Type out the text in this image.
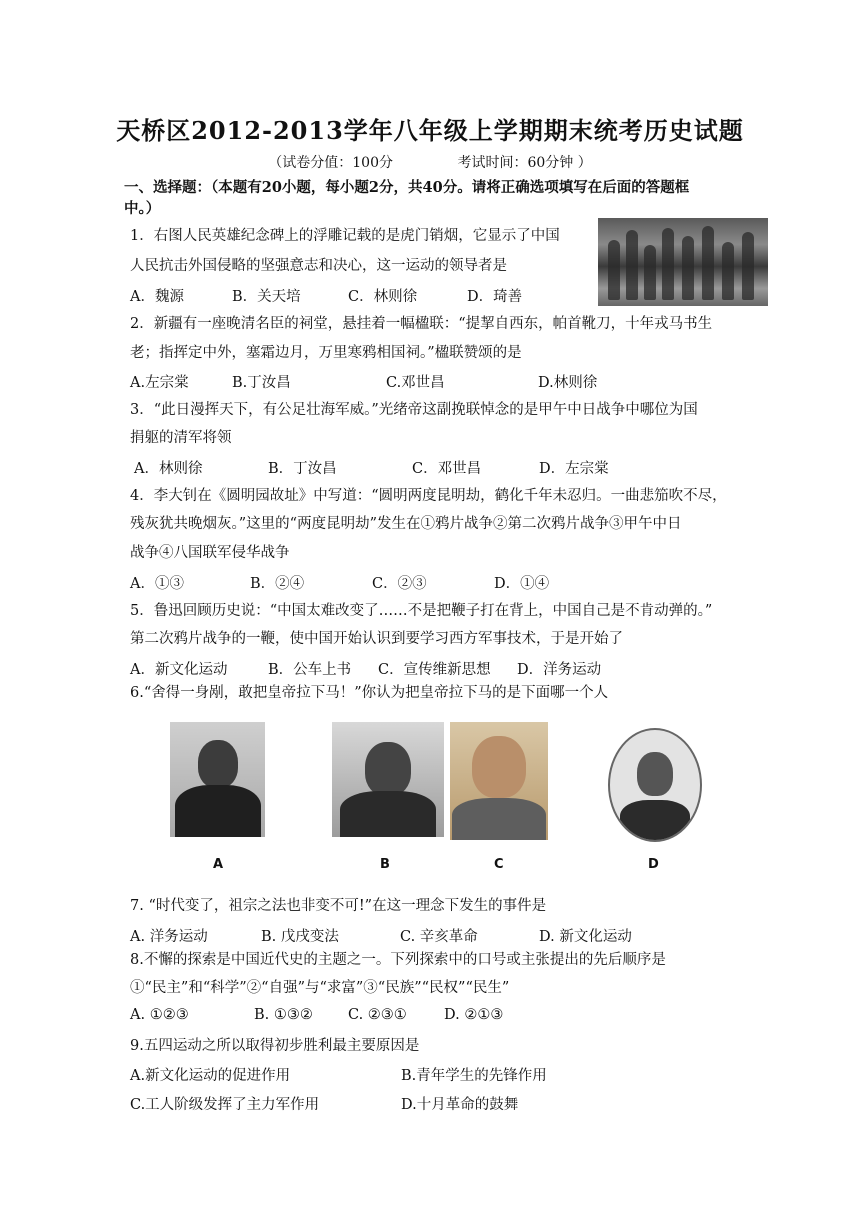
天桥区2012-2013学年八年级上学期期末统考历史试题
（试卷分值：100分	考试时间：60分钟 ）
一、选择题：（本题有20小题，每小题2分，共40分。请将正确选项填写在后面的答题框
中。）
1．右图人民英雄纪念碑上的浮雕记载的是虎门销烟，它显示了中国
人民抗击外国侵略的坚强意志和决心，这一运动的领导者是
A．魏源	B．关天培	C．林则徐	D．琦善
2．新疆有一座晚清名臣的祠堂，悬挂着一幅楹联：“提挈自西东，帕首靴刀，十年戎马书生
老；指挥定中外，塞霜边月，万里寒鸦相国祠。”楹联赞颂的是
A.左宗棠	B.丁汝昌	C.邓世昌	D.林则徐
3．“此日漫挥天下，有公足壮海军威。”光绪帝这副挽联悼念的是甲午中日战争中哪位为国
捐躯的清军将领
A．林则徐	B．丁汝昌	C．邓世昌	D．左宗棠
4．李大钊在《圆明园故址》中写道：“圆明两度昆明劫，鹤化千年未忍归。一曲悲笳吹不尽，
残灰犹共晚烟灰。”这里的“两度昆明劫”发生在①鸦片战争②第二次鸦片战争③甲午中日
战争④八国联军侵华战争
A．①③	B．②④	C．②③	D．①④
5．鲁迅回顾历史说：“中国太难改变了……不是把鞭子打在背上，中国自己是不肯动弹的。”
第二次鸦片战争的一鞭，使中国开始认识到要学习西方军事技术，于是开始了
A．新文化运动	B．公车上书 C．宣传维新思想 D．洋务运动
6.“舍得一身剐，敢把皇帝拉下马！”你认为把皇帝拉下马的是下面哪一个人
A	B	C	D
7. “时代变了，祖宗之法也非变不可!”在这一理念下发生的事件是
A. 洋务运动	B. 戊戌变法	C. 辛亥革命	D. 新文化运动
8.不懈的探索是中国近代史的主题之一。下列探索中的口号或主张提出的先后顺序是
①“民主”和“科学”②“自强”与“求富”③“民族”“民权”“民生”
A. ①②③	B. ①③② C. ②③①	D. ②①③
9.五四运动之所以取得初步胜利最主要原因是
A.新文化运动的促进作用	B.青年学生的先锋作用
C.工人阶级发挥了主力军作用	D.十月革命的鼓舞
